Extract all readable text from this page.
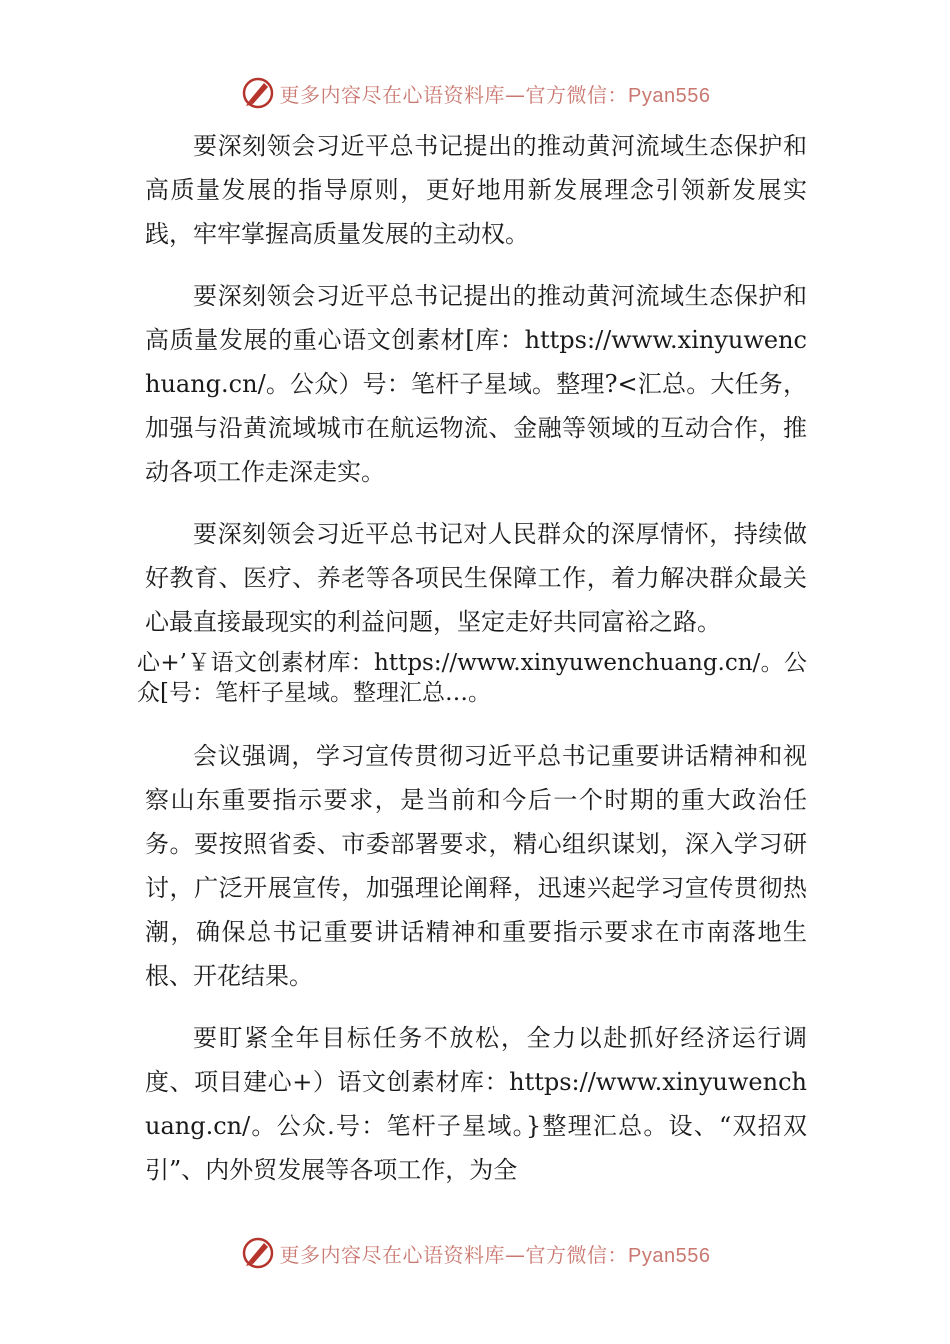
更多内容尽在心语资料库—官方微信：Pyan556

要深刻领会习近平总书记提出的推动黄河流域生态保护和高质量发展的指导原则，更好地用新发展理念引领新发展实践，牢牢掌握高质量发展的主动权。

要深刻领会习近平总书记提出的推动黄河流域生态保护和高质量发展的重心语文创素材[库：https://www.xinyuwenchuang.cn/。公众）号：笔杆子星域。整理?<汇总。大任务，加强与沿黄流域城市在航运物流、金融等领域的互动合作，推动各项工作走深走实。

要深刻领会习近平总书记对人民群众的深厚情怀，持续做好教育、医疗、养老等各项民生保障工作，着力解决群众最关心最直接最现实的利益问题，坚定走好共同富裕之路。

心+’￥语文创素材库：https://www.xinyuwenchuang.cn/。公众[号：笔杆子星域。整理汇总…。

会议强调，学习宣传贯彻习近平总书记重要讲话精神和视察山东重要指示要求，是当前和今后一个时期的重大政治任务。要按照省委、市委部署要求，精心组织谋划，深入学习研讨，广泛开展宣传，加强理论阐释，迅速兴起学习宣传贯彻热潮，确保总书记重要讲话精神和重要指示要求在市南落地生根、开花结果。

要盯紧全年目标任务不放松，全力以赴抓好经济运行调度、项目建心+）语文创素材库：https://www.xinyuwenchuang.cn/。公众.号：笔杆子星域。}整理汇总。设、“双招双引”、内外贸发展等各项工作，为全

更多内容尽在心语资料库—官方微信：Pyan556
